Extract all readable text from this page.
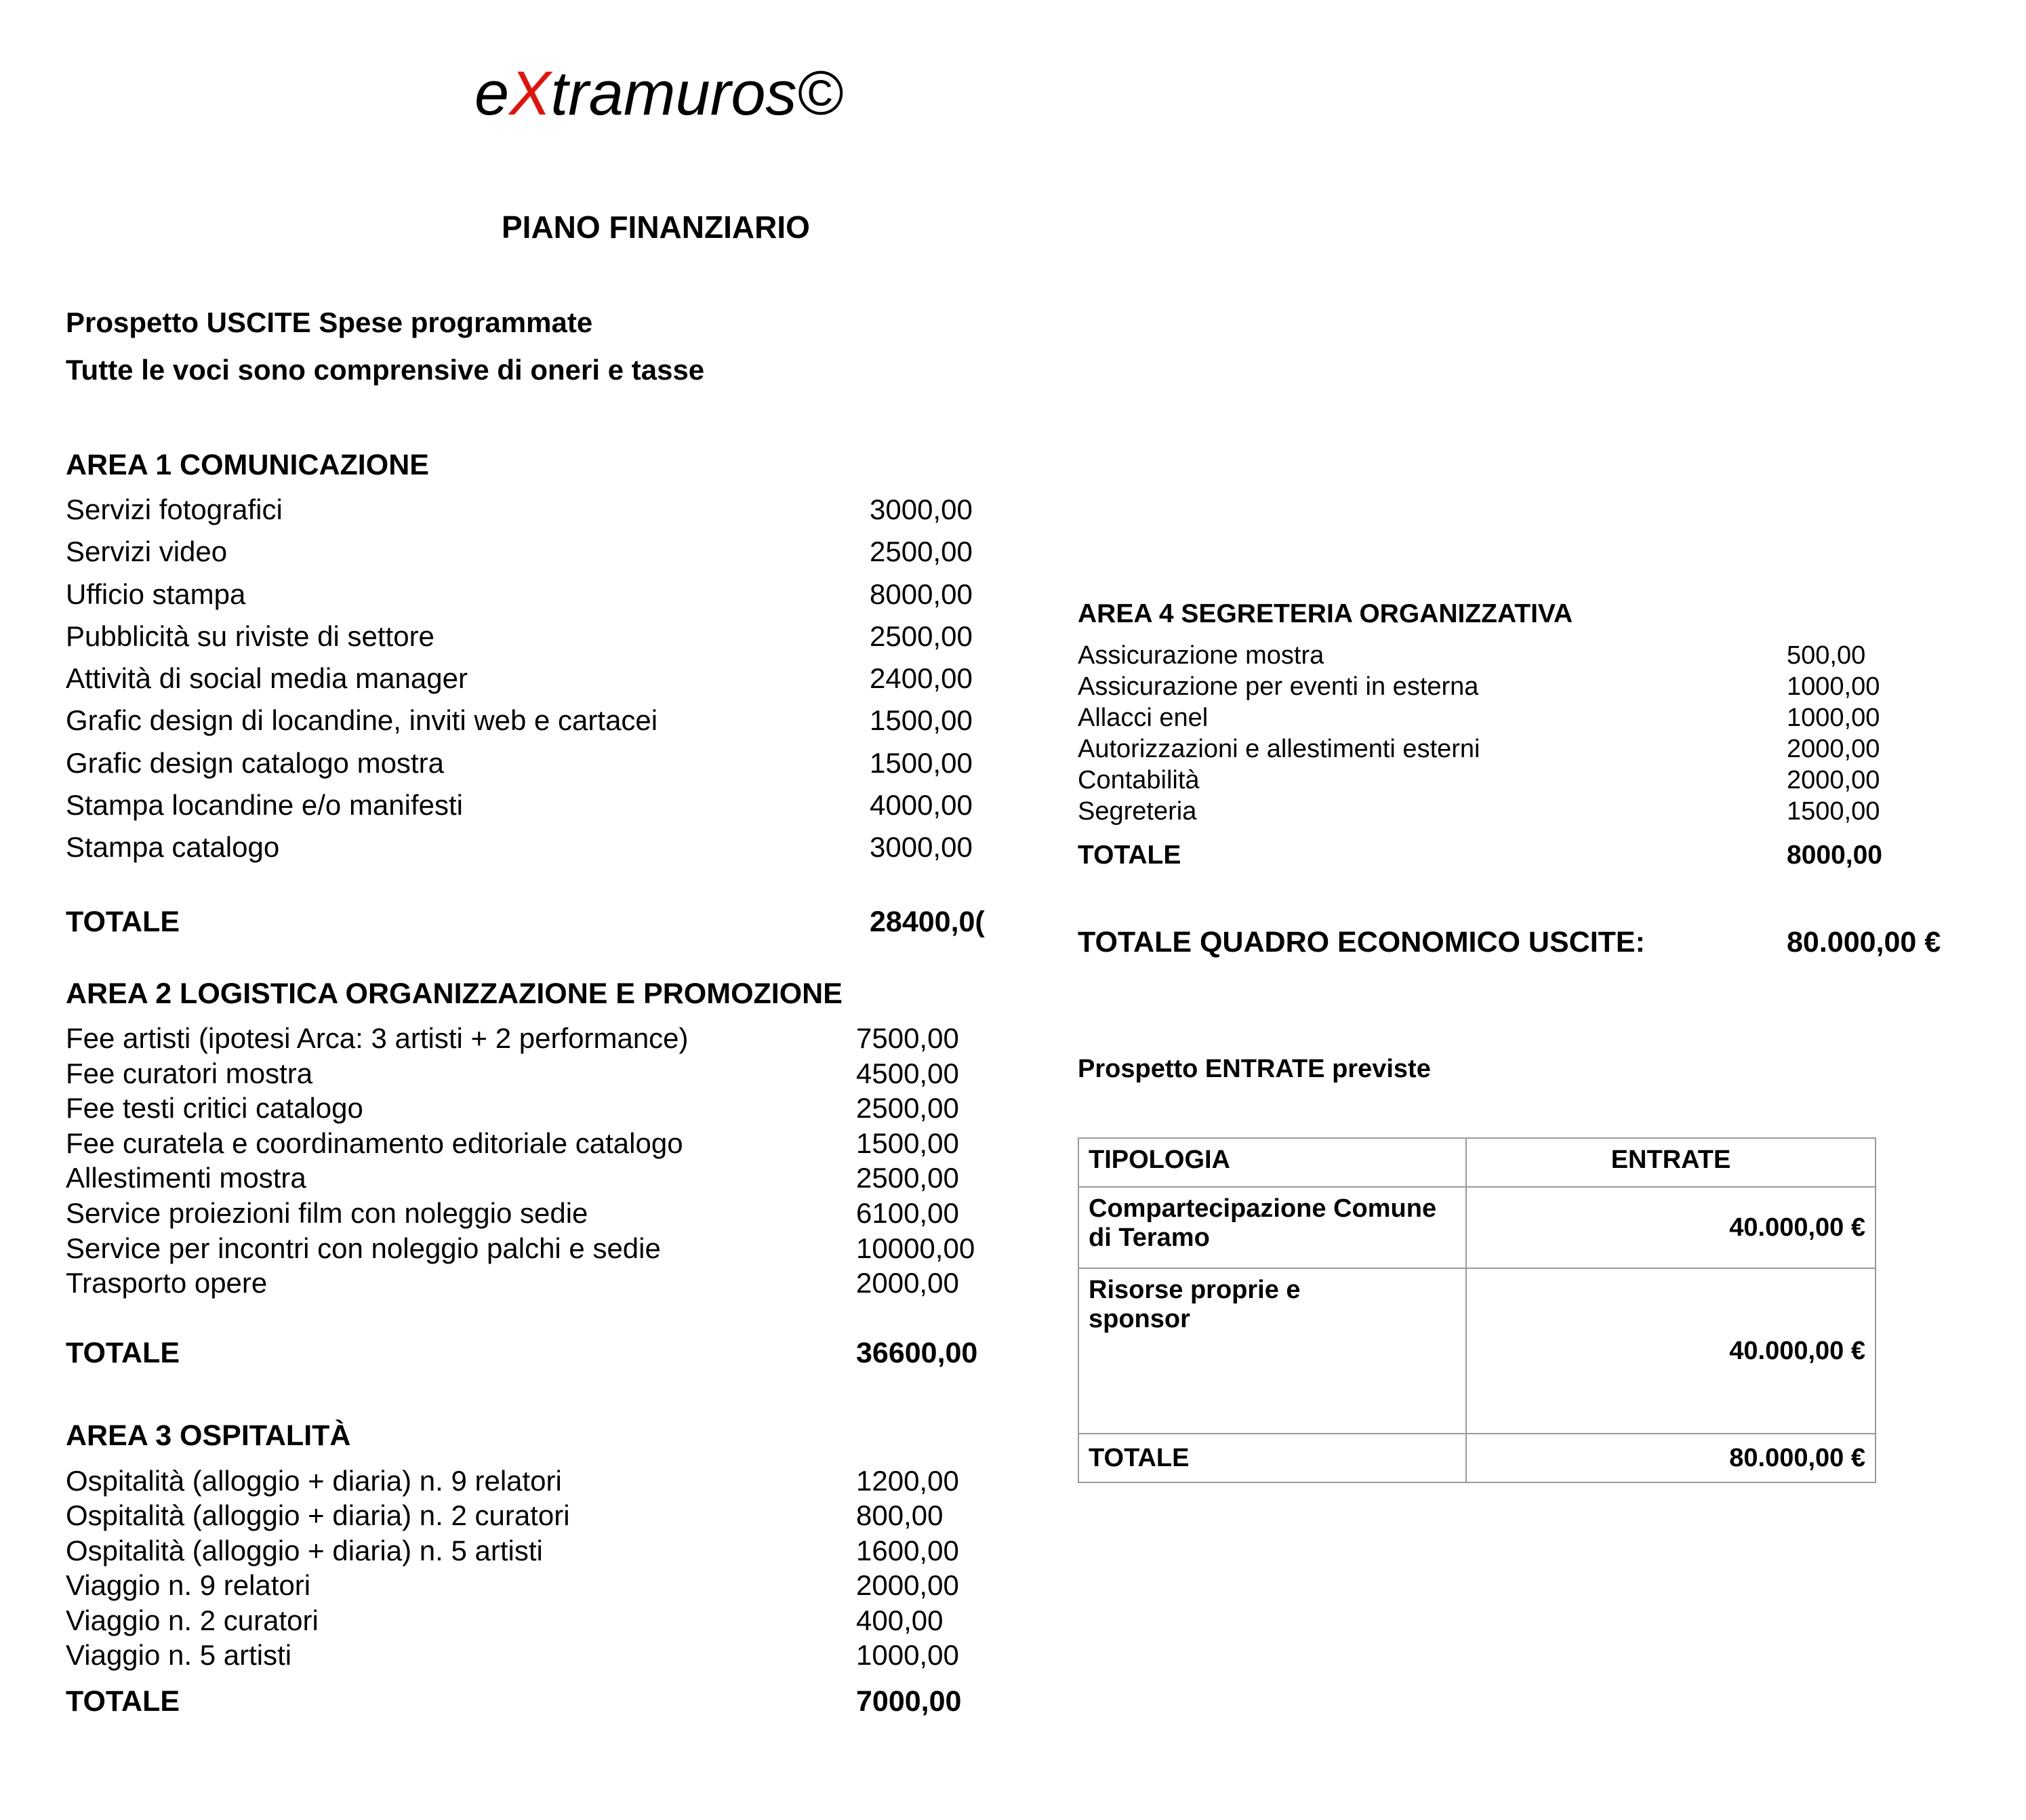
eXtramuros©
PIANO FINANZIARIO
Prospetto USCITE Spese programmate
Tutte le voci sono comprensive di oneri e tasse
AREA 1 COMUNICAZIONE
Servizi fotografici	3000,00
Servizi video	2500,00
Ufficio stampa	8000,00
Pubblicità su riviste di settore	2500,00
Attività di social media manager	2400,00
Grafic design di locandine, inviti web e cartacei	1500,00
Grafic design catalogo mostra	1500,00
Stampa locandine e/o manifesti	4000,00
Stampa catalogo	3000,00
TOTALE	28400,0(
AREA 2 LOGISTICA ORGANIZZAZIONE E PROMOZIONE
Fee artisti (ipotesi Arca: 3 artisti + 2 performance)	7500,00
Fee curatori mostra	4500,00
Fee testi critici catalogo	2500,00
Fee curatela e coordinamento editoriale catalogo	1500,00
Allestimenti mostra	2500,00
Service proiezioni film con noleggio sedie	6100,00
Service per incontri con noleggio palchi e sedie	10000,00
Trasporto opere	2000,00
TOTALE	36600,00
AREA 3 OSPITALITÀ
Ospitalità (alloggio + diaria) n. 9 relatori	1200,00
Ospitalità (alloggio + diaria) n. 2 curatori	800,00
Ospitalità (alloggio + diaria) n. 5 artisti	1600,00
Viaggio n. 9 relatori	2000,00
Viaggio n. 2 curatori	400,00
Viaggio n. 5 artisti	1000,00
TOTALE	7000,00
AREA 4 SEGRETERIA ORGANIZZATIVA
Assicurazione mostra	500,00
Assicurazione per eventi in esterna	1000,00
Allacci enel	1000,00
Autorizzazioni e allestimenti esterni	2000,00
Contabilità	2000,00
Segreteria	1500,00
TOTALE	8000,00
TOTALE QUADRO ECONOMICO USCITE:	80.000,00 €
Prospetto ENTRATE previste
TIPOLOGIA	ENTRATE
Compartecipazione Comune di Teramo	40.000,00 €
Risorse proprie e sponsor	40.000,00 €
TOTALE	80.000,00 €
